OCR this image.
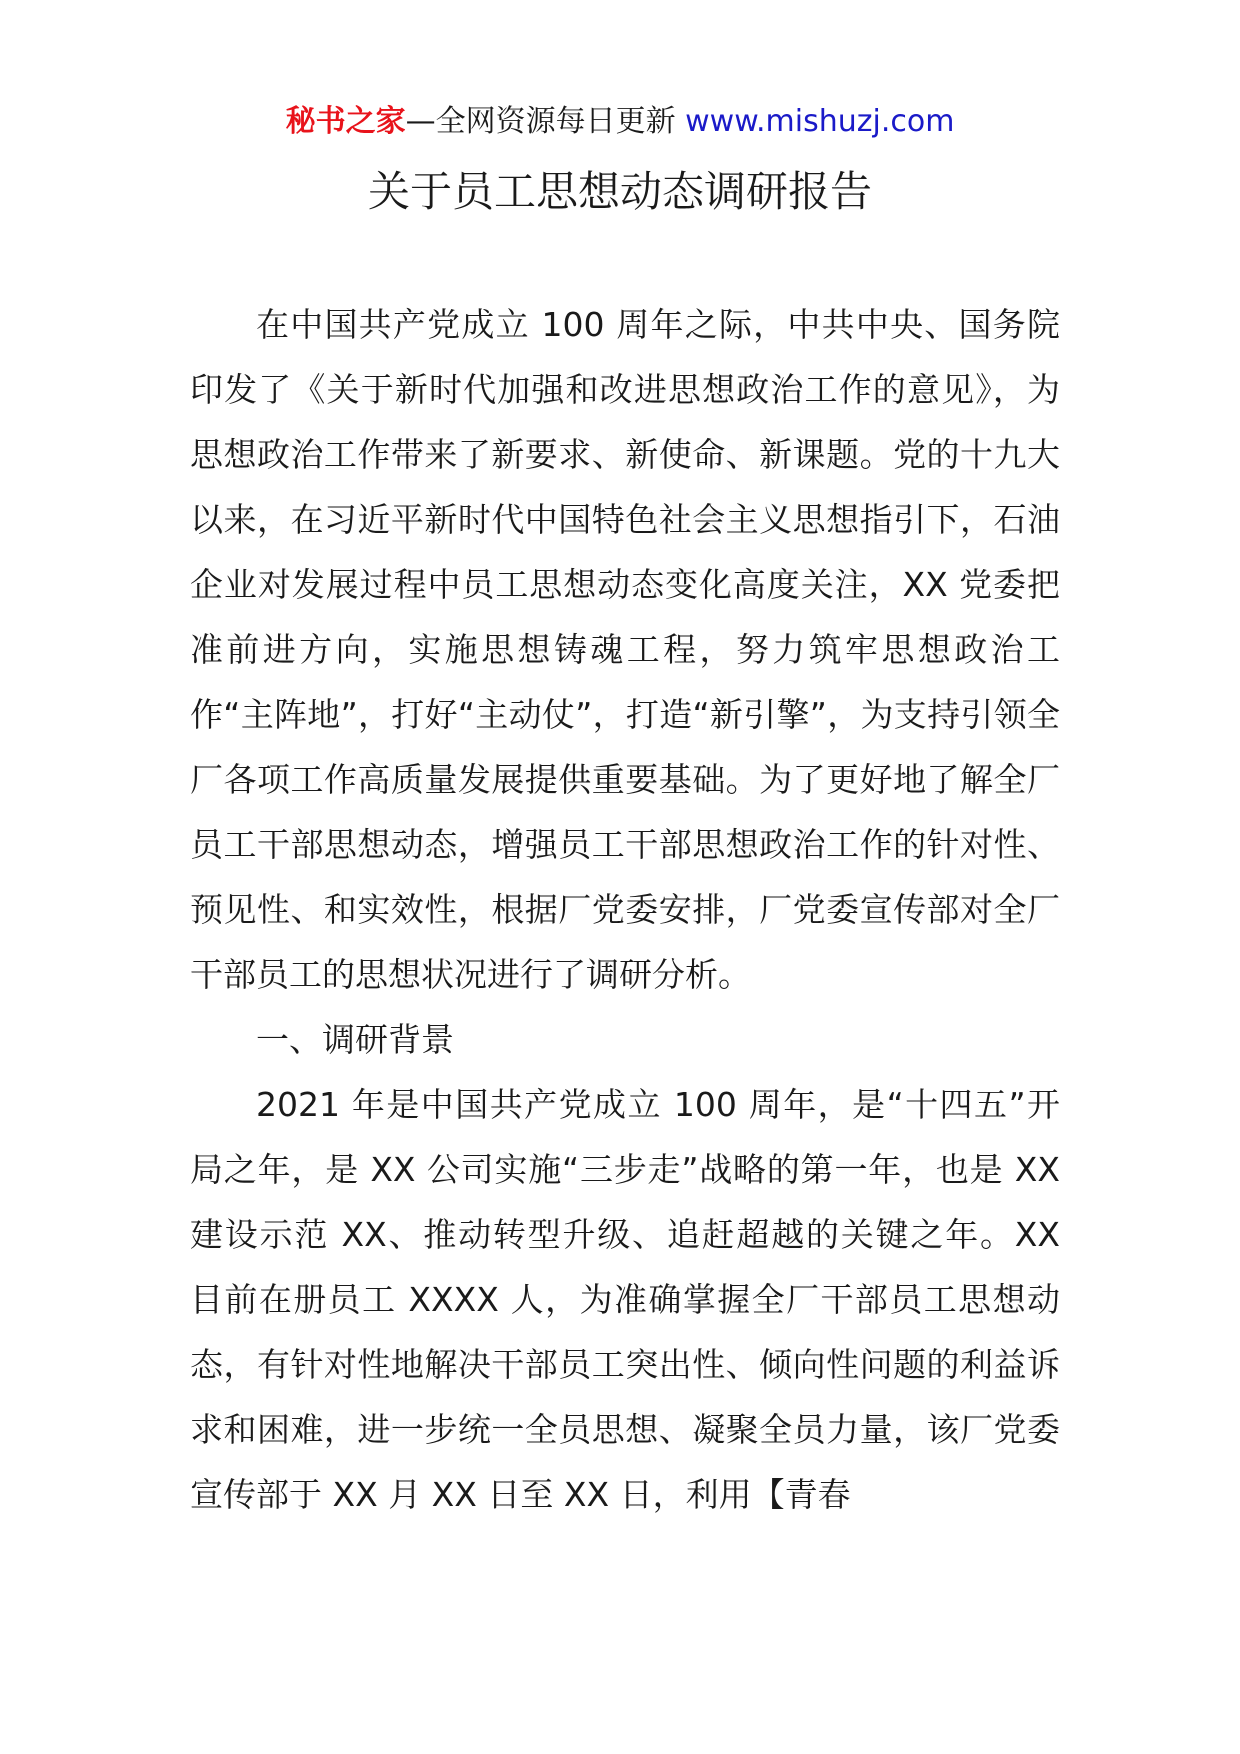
秘书之家—全网资源每日更新 www.mishuzj.com
关于员工思想动态调研报告

在中国共产党成立 100 周年之际，中共中央、国务院印发了《关于新时代加强和改进思想政治工作的意见》，为思想政治工作带来了新要求、新使命、新课题。党的十九大以来，在习近平新时代中国特色社会主义思想指引下，石油企业对发展过程中员工思想动态变化高度关注，XX 党委把准前进方向，实施思想铸魂工程，努力筑牢思想政治工作“主阵地”，打好“主动仗”，打造“新引擎”，为支持引领全厂各项工作高质量发展提供重要基础。为了更好地了解全厂员工干部思想动态，增强员工干部思想政治工作的针对性、预见性、和实效性，根据厂党委安排，厂党委宣传部对全厂干部员工的思想状况进行了调研分析。

一、调研背景

2021 年是中国共产党成立 100 周年，是“十四五”开局之年，是 XX 公司实施“三步走”战略的第一年，也是 XX 建设示范 XX、推动转型升级、追赶超越的关键之年。XX 目前在册员工 XXXX 人，为准确掌握全厂干部员工思想动态，有针对性地解决干部员工突出性、倾向性问题的利益诉求和困难，进一步统一全员思想、凝聚全员力量，该厂党委宣传部于 XX 月 XX 日至 XX 日，利用【青春
